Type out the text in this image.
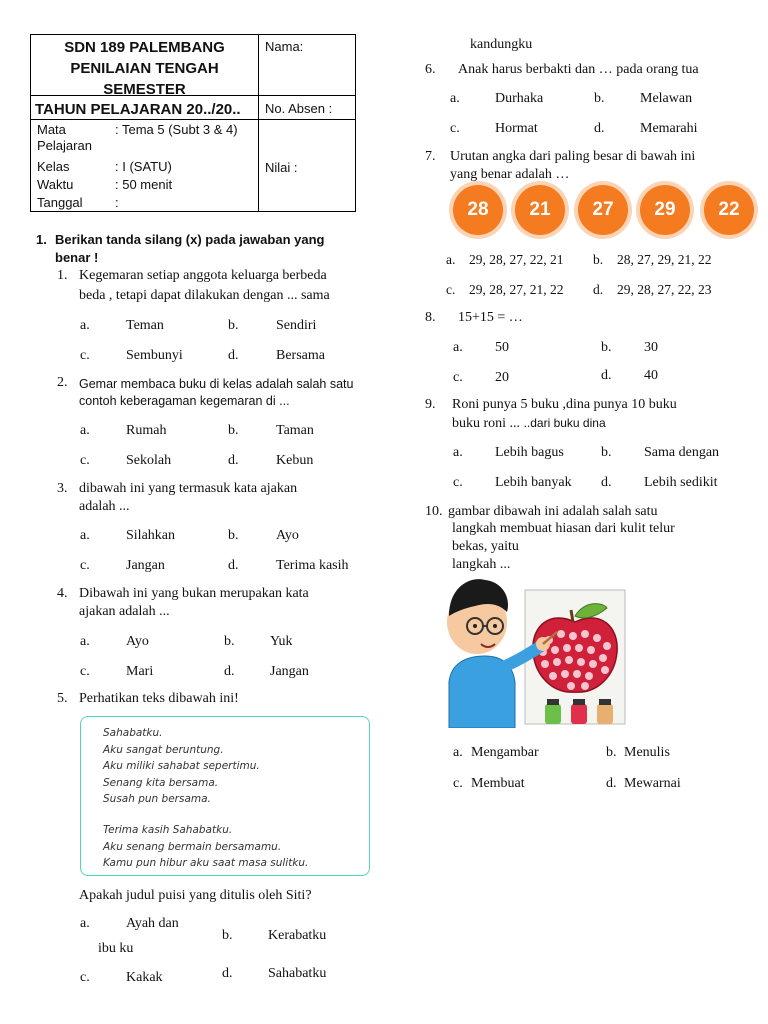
SDN 189 PALEMBANG
PENILAIAN TENGAH
SEMESTER
TAHUN PELAJARAN 20../20..
Nama:
No. Absen :
Nilai :
Mata Pelajaran
: Tema 5 (Subt 3 & 4)
Kelas	: I (SATU)
Waktu	: 50 menit
Tanggal :
1. Berikan tanda silang (x) pada jawaban yang
benar !
1. Kegemaran setiap anggota keluarga berbeda
beda , tetapi dapat dilakukan dengan ... sama
a.	Teman	b.	Sendiri
c.	Sembunyi	d.	Bersama
2. Gemar membaca buku di kelas adalah salah satu
contoh keberagaman kegemaran di ...
a.	Rumah	b.	Taman
c.	Sekolah	d.	Kebun
3. dibawah ini yang termasuk kata ajakan
adalah ...
a.	Silahkan	b.	Ayo
c.	Jangan	d.	Terima kasih
4. Dibawah ini yang bukan merupakan kata
ajakan adalah ...
a.	Ayo	b.	Yuk
c.	Mari	d.	Jangan
5. Perhatikan teks dibawah ini!
Sahabatku.
Aku sangat beruntung.
Aku miliki sahabat sepertimu.
Senang kita bersama.
Susah pun bersama.
Terima kasih Sahabatku.
Aku senang bermain bersamamu.
Kamu pun hibur aku saat masa sulitku.
Apakah judul puisi yang ditulis oleh Siti?
a.	Ayah dan
ibu ku
b.	Kerabatku
c.	Kakak	d.	Sahabatku
kandungku
6. Anak harus berbakti dan … pada orang tua
a.	Durhaka	b.	Melawan
c.	Hormat	d.	Memarahi
7. Urutan angka dari paling besar di bawah ini
yang benar adalah …
28	21	27	29	22
a. 29, 28, 27, 22, 21 b. 28, 27, 29, 21, 22
c. 29, 28, 27, 21, 22 d. 29, 28, 27, 22, 23
8. 15+15 = …
a. 50	b. 30
c. 20	d. 40
9. Roni punya 5 buku ,dina punya 10 buku
buku roni ... ..dari buku dina
a. Lebih bagus	b. Sama dengan
c. Lebih banyak d. Lebih sedikit
10. gambar dibawah ini adalah salah satu
langkah membuat hiasan dari kulit telur
bekas, yaitu
langkah ...
a. Mengambar	b. Menulis
c. Membuat	d. Mewarnai
